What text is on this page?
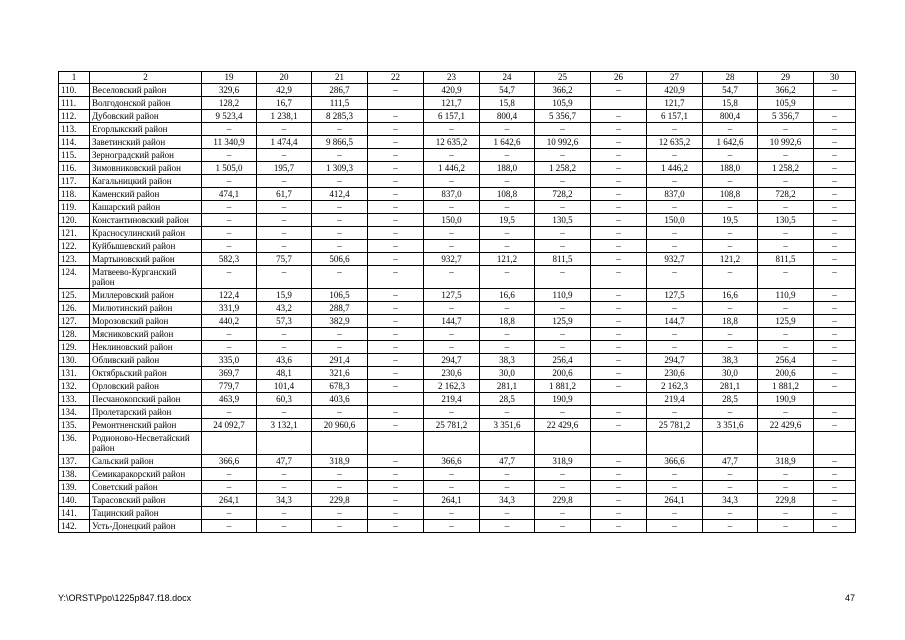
1	2	19	20	21	22	23	24	25	26	27	28	29	30
110.	Веселовский район	329,6	42,9	286,7	–	420,9	54,7	366,2	–	420,9	54,7	366,2	–
111.	Волгодонской район	128,2	16,7	111,5		121,7	15,8	105,9		121,7	15,8	105,9	
112.	Дубовский район	9 523,4	1 238,1	8 285,3	–	6 157,1	800,4	5 356,7	–	6 157,1	800,4	5 356,7	–
113.	Егорлыкский район	–	–	–	–	–	–	–	–	–	–	–	–
114.	Заветинский район	11 340,9	1 474,4	9 866,5	–	12 635,2	1 642,6	10 992,6	–	12 635,2	1 642,6	10 992,6	–
115.	Зерноградский район	–	–	–	–	–	–	–	–	–	–	–	–
116.	Зимовниковский район	1 505,0	195,7	1 309,3	–	1 446,2	188,0	1 258,2	–	1 446,2	188,0	1 258,2	–
117.	Кагальницкий район	–	–	–	–	–	–	–	–	–	–	–	–
118.	Каменский район	474,1	61,7	412,4	–	837,0	108,8	728,2	–	837,0	108,8	728,2	–
119.	Кашарский район	–	–	–	–	–	–	–	–	–	–	–	–
120.	Константиновский район	–	–	–	–	150,0	19,5	130,5	–	150,0	19,5	130,5	–
121.	Красносулинский район	–	–	–	–	–	–	–	–	–	–	–	–
122.	Куйбышевский район	–	–	–	–	–	–	–	–	–	–	–	–
123.	Мартыновский район	582,3	75,7	506,6	–	932,7	121,2	811,5	–	932,7	121,2	811,5	–
124.	Матвеево-Курганский район	–	–	–	–	–	–	–	–	–	–	–	–
125.	Миллеровский район	122,4	15,9	106,5	–	127,5	16,6	110,9	–	127,5	16,6	110,9	–
126.	Милютинский район	331,9	43,2	288,7	–	–	–	–	–	–	–	–	–
127.	Морозовский район	440,2	57,3	382,9	–	144,7	18,8	125,9	–	144,7	18,8	125,9	–
128.	Мясниковский район	–	–	–	–	–	–	–	–	–	–	–	–
129.	Неклиновский район	–	–	–	–	–	–	–	–	–	–	–	–
130.	Обливский район	335,0	43,6	291,4	–	294,7	38,3	256,4	–	294,7	38,3	256,4	–
131.	Октябрьский район	369,7	48,1	321,6	–	230,6	30,0	200,6	–	230,6	30,0	200,6	–
132.	Орловский район	779,7	101,4	678,3	–	2 162,3	281,1	1 881,2	–	2 162,3	281,1	1 881,2	–
133.	Песчанокопский район	463,9	60,3	403,6		219,4	28,5	190,9		219,4	28,5	190,9	
134.	Пролетарский район	–	–	–	–	–	–	–	–	–	–	–	–
135.	Ремонтненский район	24 092,7	3 132,1	20 960,6	–	25 781,2	3 351,6	22 429,6	–	25 781,2	3 351,6	22 429,6	–
136.	Родионово-Несветайский район												
137.	Сальский район	366,6	47,7	318,9	–	366,6	47,7	318,9	–	366,6	47,7	318,9	–
138.	Семикаракорский район	–	–	–	–	–	–	–	–	–	–	–	–
139.	Советский район	–	–	–	–	–	–	–	–	–	–	–	–
140.	Тарасовский район	264,1	34,3	229,8	–	264,1	34,3	229,8	–	264,1	34,3	229,8	–
141.	Тацинский район	–	–	–	–	–	–	–	–	–	–	–	–
142.	Усть-Донецкий район	–	–	–	–	–	–	–	–	–	–	–	–
Y:\ORST\Ppo\1225p847.f18.docx	47
